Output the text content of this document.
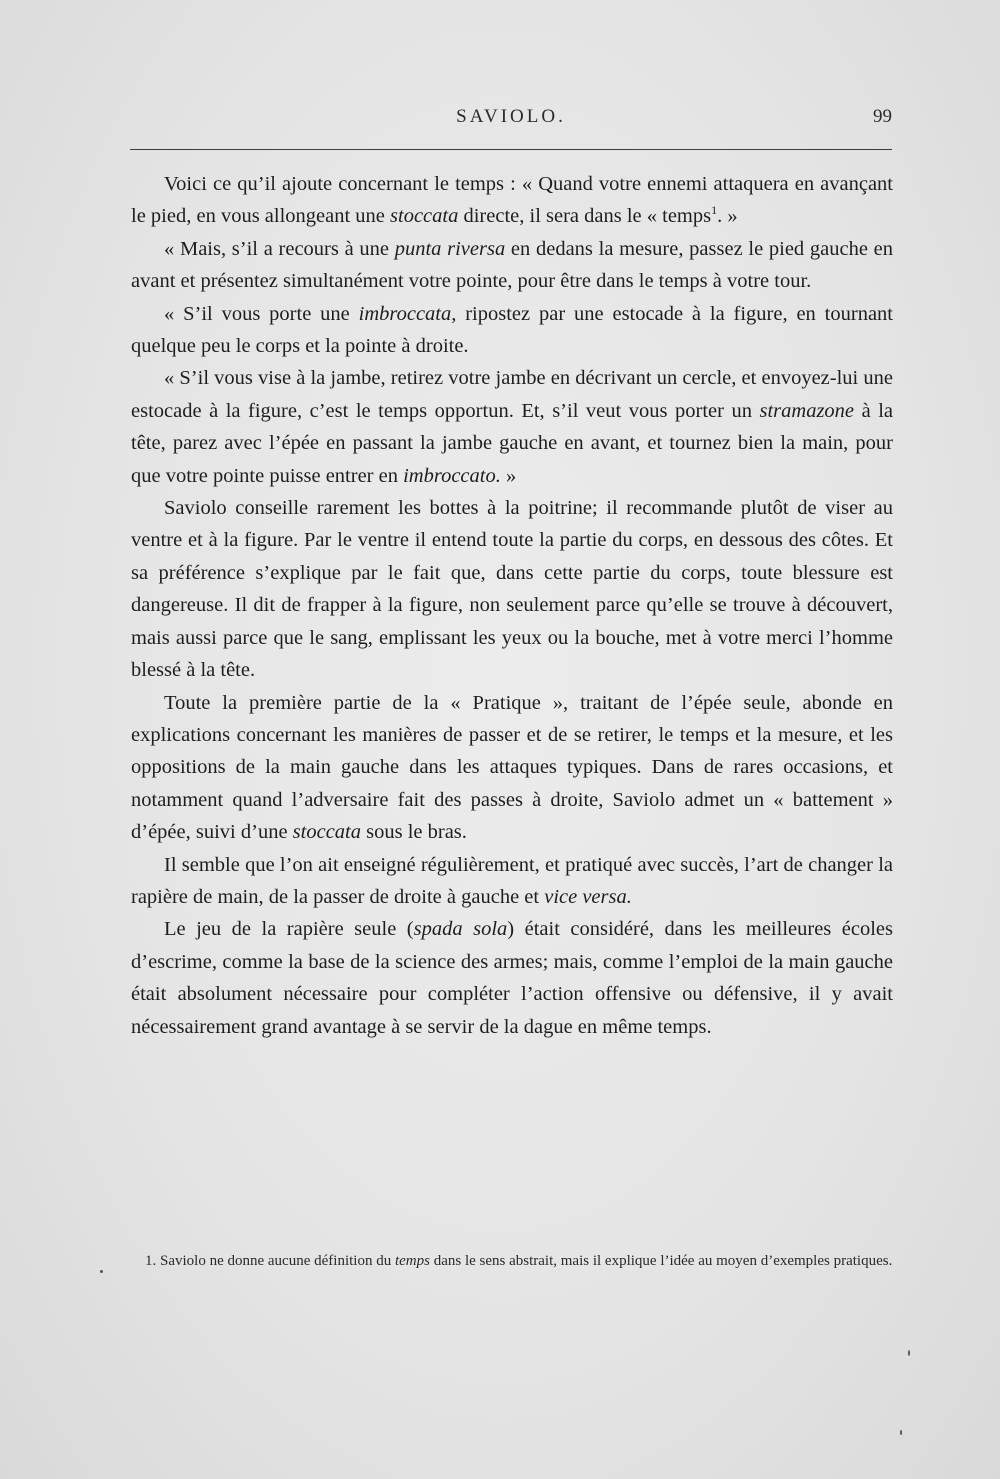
SAVIOLO.	99

Voici ce qu’il ajoute concernant le temps : « Quand votre ennemi attaquera en avançant le pied, en vous allongeant une stoccata directe, il sera dans le « temps$^1$. »

« Mais, s’il a recours à une punta riversa en dedans la mesure, passez le pied gauche en avant et présentez simultanément votre pointe, pour être dans le temps à votre tour.

« S’il vous porte une imbroccata, ripostez par une estocade à la figure, en tournant quelque peu le corps et la pointe à droite.

« S’il vous vise à la jambe, retirez votre jambe en décrivant un cercle, et envoyez-lui une estocade à la figure, c’est le temps opportun. Et, s’il veut vous porter un stramazone à la tête, parez avec l’épée en passant la jambe gauche en avant, et tournez bien la main, pour que votre pointe puisse entrer en imbroccato. »

Saviolo conseille rarement les bottes à la poitrine; il recommande plutôt de viser au ventre et à la figure. Par le ventre il entend toute la partie du corps, en dessous des côtes. Et sa préférence s’explique par le fait que, dans cette partie du corps, toute blessure est dangereuse. Il dit de frapper à la figure, non seulement parce qu’elle se trouve à découvert, mais aussi parce que le sang, emplissant les yeux ou la bouche, met à votre merci l’homme blessé à la tête.

Toute la première partie de la « Pratique », traitant de l’épée seule, abonde en explications concernant les manières de passer et de se retirer, le temps et la mesure, et les oppositions de la main gauche dans les attaques typiques. Dans de rares occasions, et notamment quand l’adversaire fait des passes à droite, Saviolo admet un « battement » d’épée, suivi d’une stoccata sous le bras.

Il semble que l’on ait enseigné régulièrement, et pratiqué avec succès, l’art de changer la rapière de main, de la passer de droite à gauche et vice versa.

Le jeu de la rapière seule (spada sola) était considéré, dans les meilleures écoles d’escrime, comme la base de la science des armes; mais, comme l’emploi de la main gauche était absolument nécessaire pour compléter l’action offensive ou défensive, il y avait nécessairement grand avantage à se servir de la dague en même temps.

1. Saviolo ne donne aucune définition du temps dans le sens abstrait, mais il explique l’idée au moyen d’exemples pratiques.
